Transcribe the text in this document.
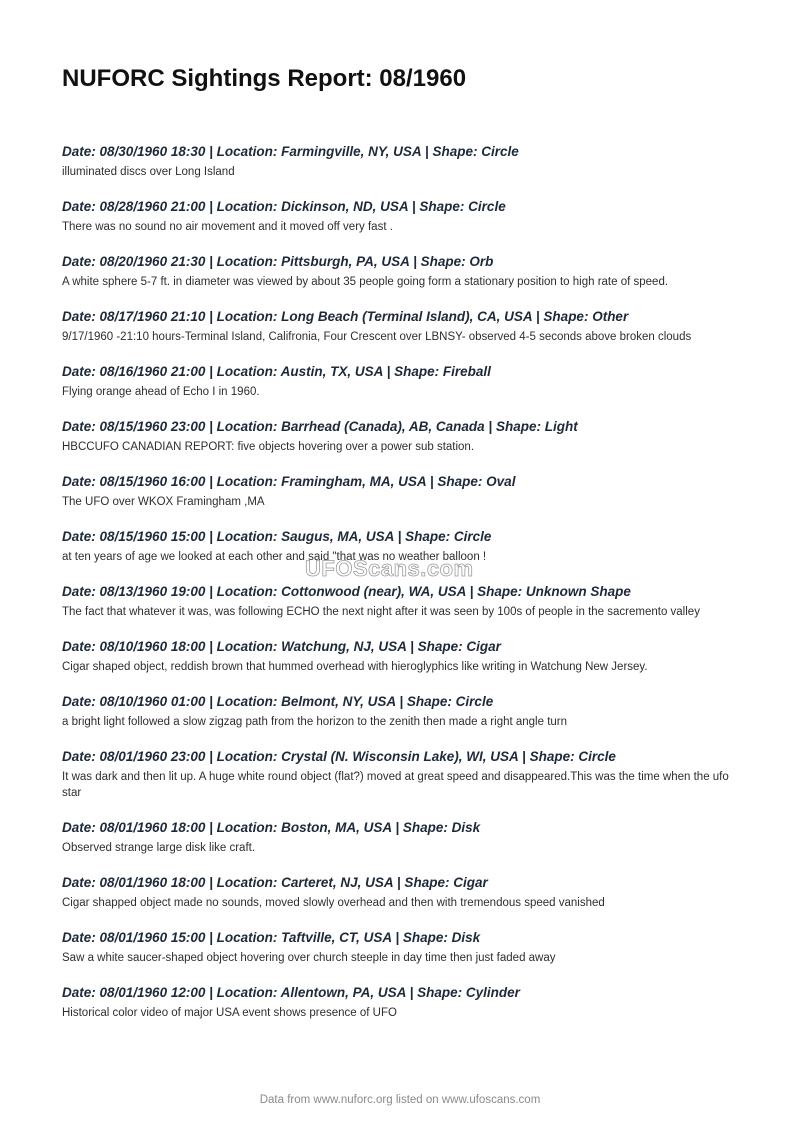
NUFORC Sightings Report: 08/1960
Date: 08/30/1960 18:30 | Location: Farmingville, NY, USA | Shape: Circle
illuminated discs over Long Island
Date: 08/28/1960 21:00 | Location: Dickinson, ND, USA | Shape: Circle
There was no sound no air movement and it moved off very fast .
Date: 08/20/1960 21:30 | Location: Pittsburgh, PA, USA | Shape: Orb
A white sphere 5-7 ft. in diameter was viewed by about 35 people going form a stationary position to high rate of speed.
Date: 08/17/1960 21:10 | Location: Long Beach (Terminal Island), CA, USA | Shape: Other
9/17/1960 -21:10 hours-Terminal Island, Califronia, Four Crescent over LBNSY- observed 4-5 seconds above broken clouds
Date: 08/16/1960 21:00 | Location: Austin, TX, USA | Shape: Fireball
Flying orange ahead of Echo I in 1960.
Date: 08/15/1960 23:00 | Location: Barrhead (Canada), AB, Canada | Shape: Light
HBCCUFO CANADIAN REPORT: five objects hovering over a power sub station.
Date: 08/15/1960 16:00 | Location: Framingham, MA, USA | Shape: Oval
The UFO over WKOX Framingham ,MA
Date: 08/15/1960 15:00 | Location: Saugus, MA, USA | Shape: Circle
at ten years of age we looked at each other and said "that was no weather balloon !
Date: 08/13/1960 19:00 | Location: Cottonwood (near), WA, USA | Shape: Unknown Shape
The fact that whatever it was, was following ECHO the next night after it was seen by 100s of people in the sacremento valley
Date: 08/10/1960 18:00 | Location: Watchung, NJ, USA | Shape: Cigar
Cigar shaped object, reddish brown that hummed overhead with hieroglyphics like writing in Watchung New Jersey.
Date: 08/10/1960 01:00 | Location: Belmont, NY, USA | Shape: Circle
a bright light followed a slow zigzag path from the horizon to the zenith then made a right angle turn
Date: 08/01/1960 23:00 | Location: Crystal (N. Wisconsin Lake), WI, USA | Shape: Circle
It was dark and then lit up. A huge white round object (flat?) moved at great speed and disappeared.This was the time when the ufo star
Date: 08/01/1960 18:00 | Location: Boston, MA, USA | Shape: Disk
Observed strange large disk like craft.
Date: 08/01/1960 18:00 | Location: Carteret, NJ, USA | Shape: Cigar
Cigar shapped object made no sounds, moved slowly overhead and then with tremendous speed vanished
Date: 08/01/1960 15:00 | Location: Taftville, CT, USA | Shape: Disk
Saw a white saucer-shaped object hovering over church steeple in day time then just faded away
Date: 08/01/1960 12:00 | Location: Allentown, PA, USA | Shape: Cylinder
Historical color video of major USA event shows presence of UFO
UFOScans.com
Data from www.nuforc.org listed on www.ufoscans.com
